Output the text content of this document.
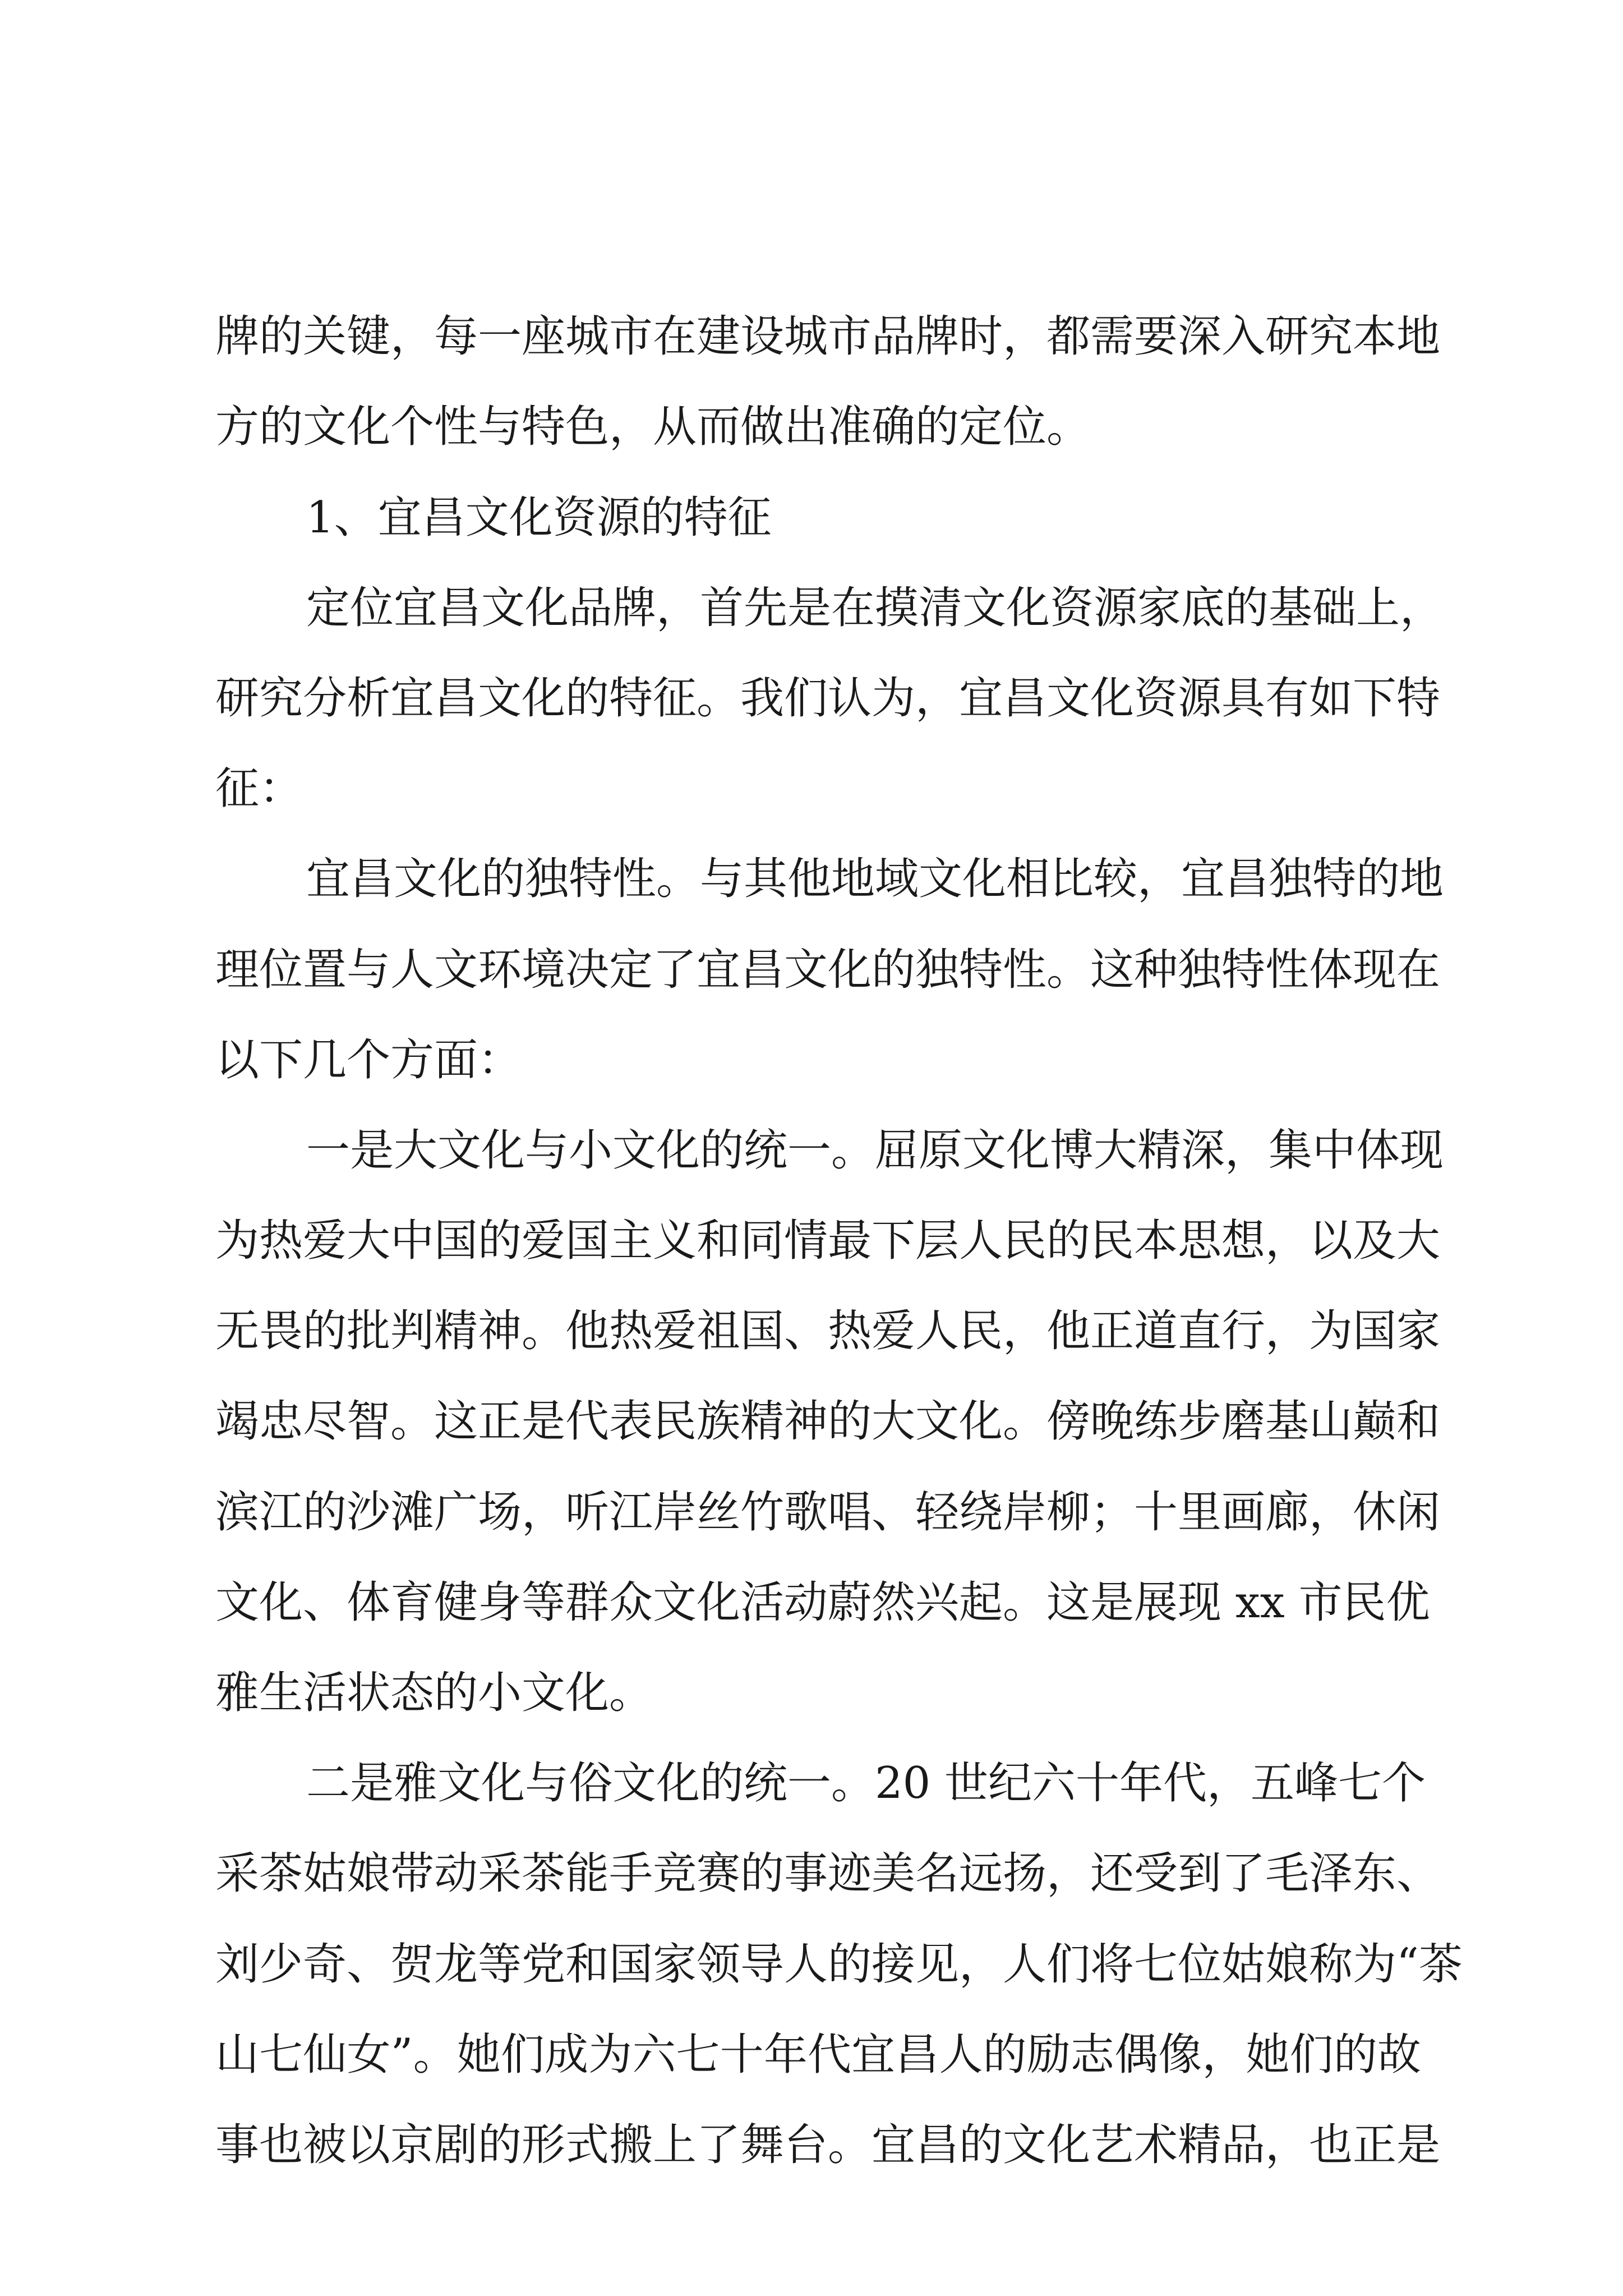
牌的关键，每一座城市在建设城市品牌时，都需要深入研究本地
方的文化个性与特色，从而做出准确的定位。
1、宜昌文化资源的特征
定位宜昌文化品牌，首先是在摸清文化资源家底的基础上，
研究分析宜昌文化的特征。我们认为，宜昌文化资源具有如下特
征：
宜昌文化的独特性。与其他地域文化相比较，宜昌独特的地
理位置与人文环境决定了宜昌文化的独特性。这种独特性体现在
以下几个方面：
一是大文化与小文化的统一。屈原文化博大精深，集中体现
为热爱大中国的爱国主义和同情最下层人民的民本思想，以及大
无畏的批判精神。他热爱祖国、热爱人民，他正道直行，为国家
竭忠尽智。这正是代表民族精神的大文化。傍晚练步磨基山巅和
滨江的沙滩广场，听江岸丝竹歌唱、轻绕岸柳；十里画廊，休闲
文化、体育健身等群众文化活动蔚然兴起。这是展现 xx 市民优
雅生活状态的小文化。
二是雅文化与俗文化的统一。20 世纪六十年代，五峰七个
采茶姑娘带动采茶能手竞赛的事迹美名远扬，还受到了毛泽东、
刘少奇、贺龙等党和国家领导人的接见，人们将七位姑娘称为“茶
山七仙女”。她们成为六七十年代宜昌人的励志偶像，她们的故
事也被以京剧的形式搬上了舞台。宜昌的文化艺术精品，也正是
